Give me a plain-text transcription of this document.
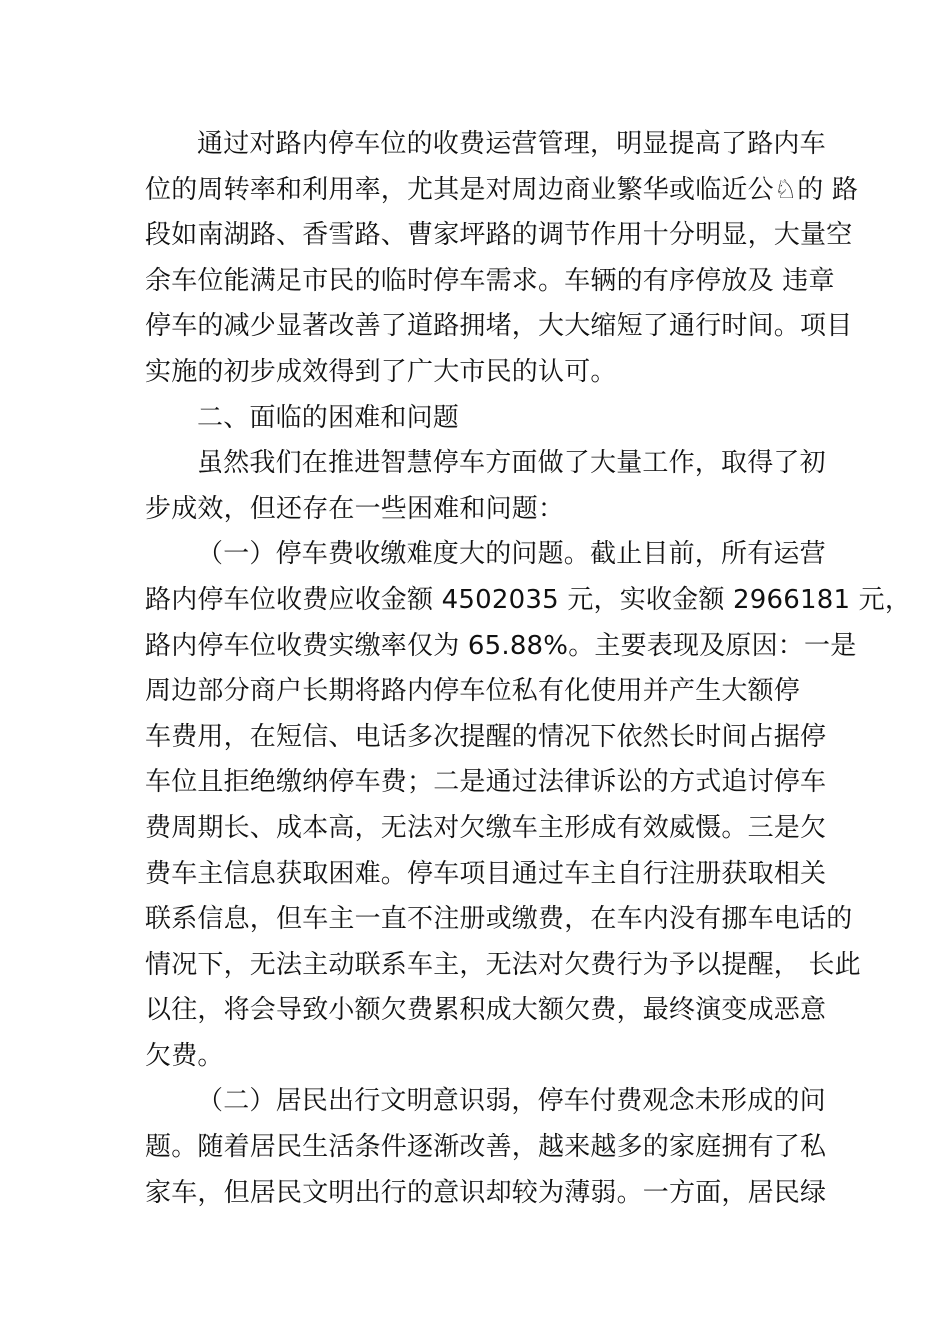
通过对路内停车位的收费运营管理，明显提高了路内车
位的周转率和利用率，尤其是对周边商业繁华或临近公♘的 路
段如南湖路、香雪路、曹家坪路的调节作用十分明显，大量空
余车位能满足市民的临时停车需求。车辆的有序停放及 违章
停车的减少显著改善了道路拥堵，大大缩短了通行时间。项目
实施的初步成效得到了广大市民的认可。
二、面临的困难和问题
虽然我们在推进智慧停车方面做了大量工作，取得了初
步成效，但还存在一些困难和问题：
（一）停车费收缴难度大的问题。截止目前，所有运营
路内停车位收费应收金额 4502035 元，实收金额 2966181 元，
路内停车位收费实缴率仅为 65.88%。主要表现及原因：一是
周边部分商户长期将路内停车位私有化使用并产生大额停
车费用，在短信、电话多次提醒的情况下依然长时间占据停
车位且拒绝缴纳停车费；二是通过法律诉讼的方式追讨停车
费周期长、成本高，无法对欠缴车主形成有效威慑。三是欠
费车主信息获取困难。停车项目通过车主自行注册获取相关
联系信息，但车主一直不注册或缴费，在车内没有挪车电话的
情况下，无法主动联系车主，无法对欠费行为予以提醒， 长此
以往，将会导致小额欠费累积成大额欠费，最终演变成恶意
欠费。
（二）居民出行文明意识弱，停车付费观念未形成的问
题。随着居民生活条件逐渐改善，越来越多的家庭拥有了私
家车，但居民文明出行的意识却较为薄弱。一方面，居民绿
